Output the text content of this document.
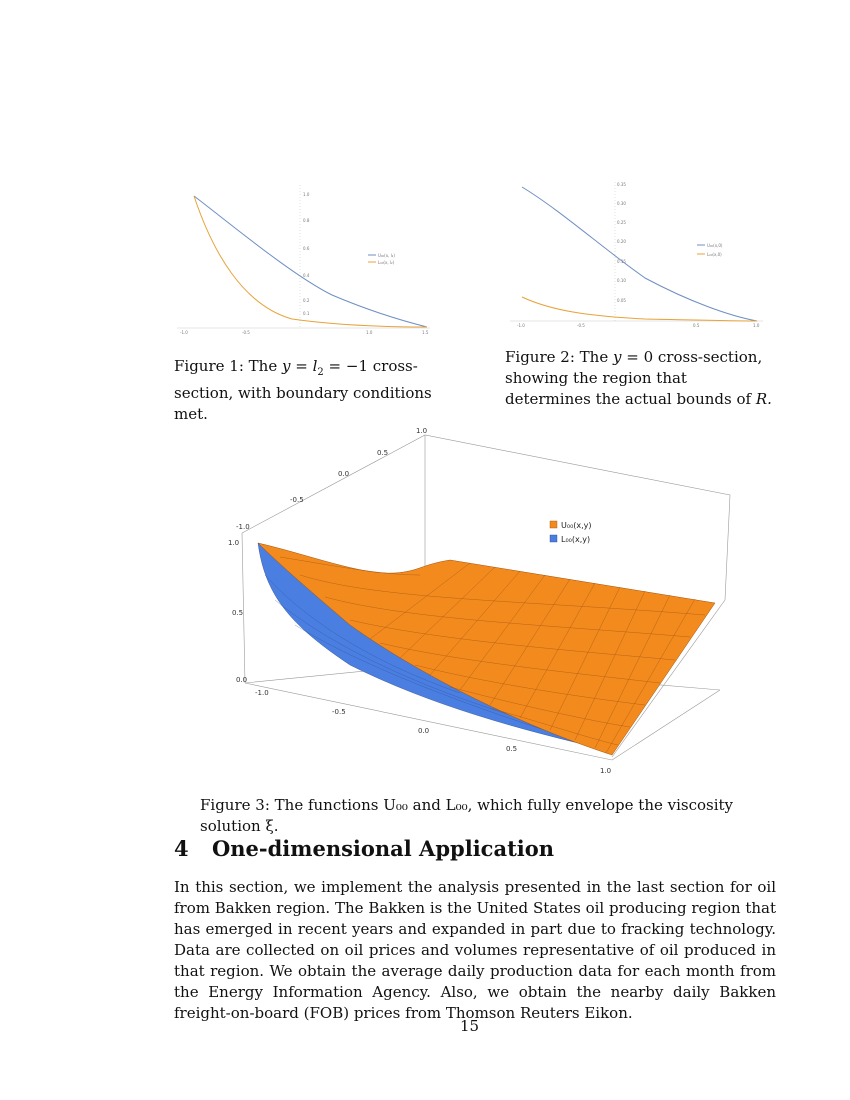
U₀₀(x, l₂)
L₀₀(x, l₂)
-1.0	-0.5	1.0	1.5
1.0
0.8
0.6
0.4
0.2
0.1
Figure 1: The $y = l_2 = -1$ cross-section, with boundary conditions met.
U₀₀(x,0)
L₀₀(x,0)
-1.0	-0.5	0.5	1.0
0.35
0.30
0.25
0.20
0.15
0.10
0.05
Figure 2: The y = 0 cross-section, showing the region that determines the actual bounds of R.
1.0
0.5
0.0
-1.0
-0.5
0.0
0.5
1.0
-1.0
-0.5
0.0
0.5
1.0
U₀₀(x,y)
L₀₀(x,y)
Figure 3: The functions U₀₀ and L₀₀, which fully envelope the viscosity solution ξ.
4 One-dimensional Application
In this section, we implement the analysis presented in the last section for oil from Bakken region. The Bakken is the United States oil producing region that has emerged in recent years and expanded in part due to fracking technology. Data are collected on oil prices and volumes representative of oil produced in that region. We obtain the average daily production data for each month from the Energy Information Agency. Also, we obtain the nearby daily Bakken freight-on-board (FOB) prices from Thomson Reuters Eikon.
15
